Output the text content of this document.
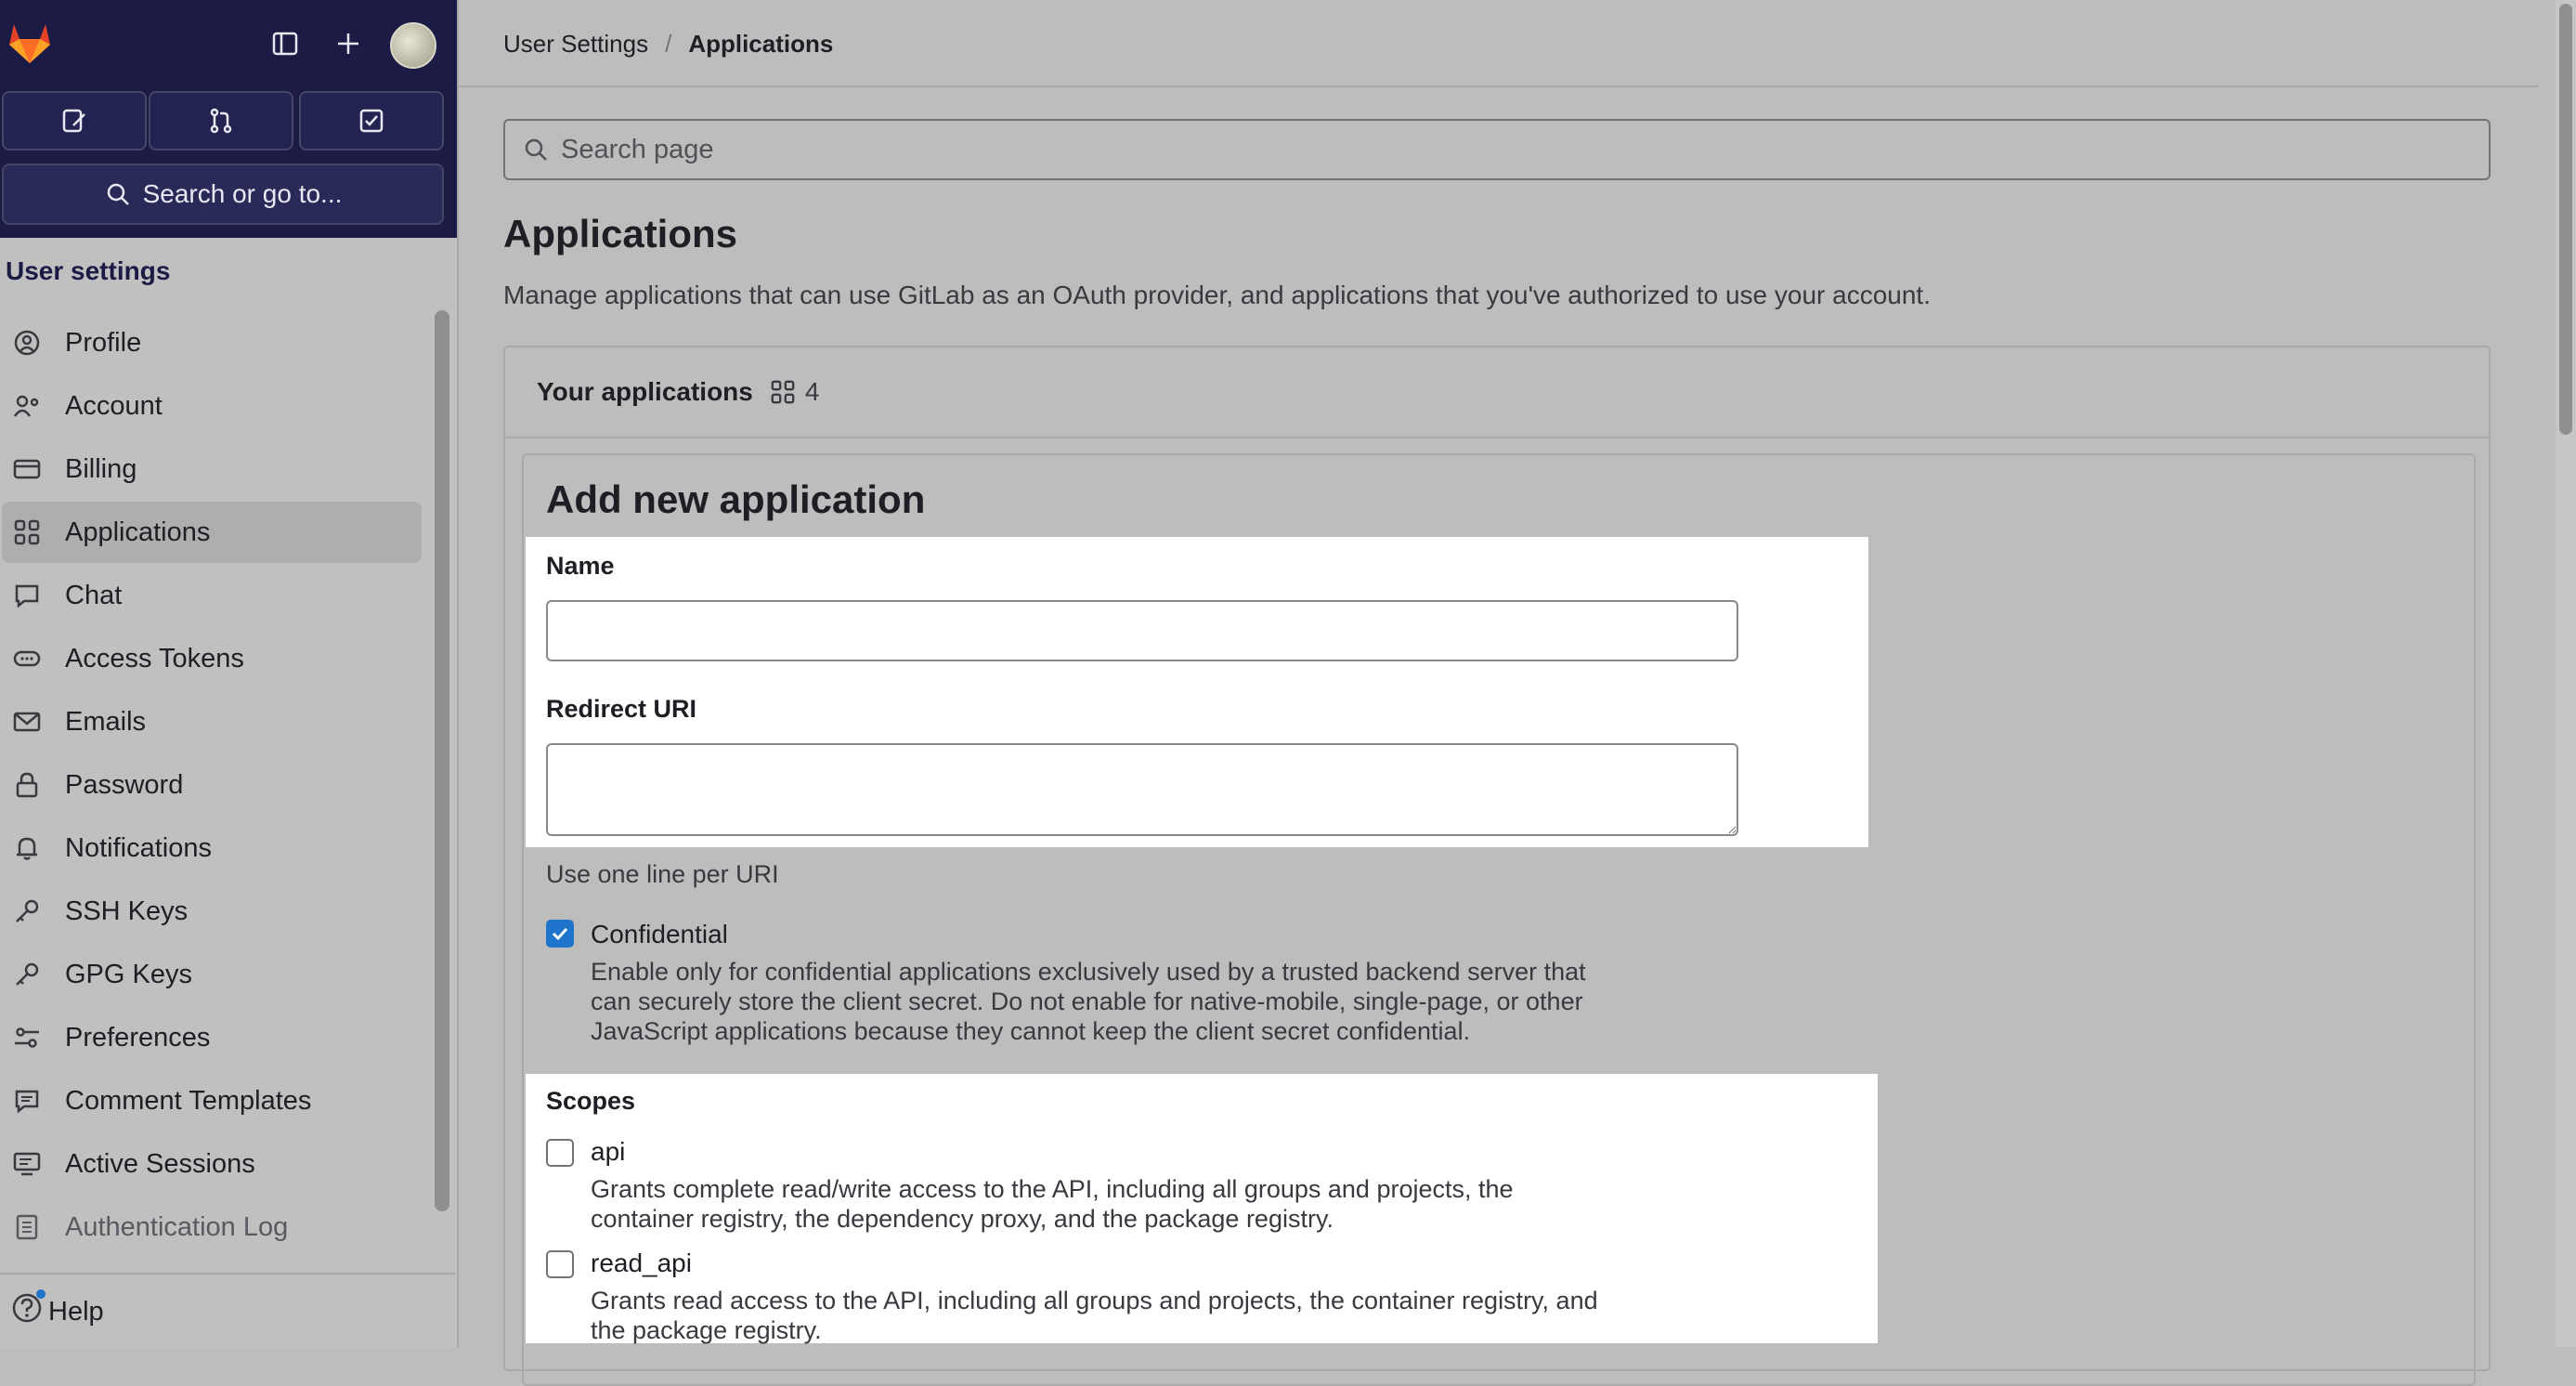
Search or go to...
User settings
Profile
Account
Billing
Applications
Chat
Access Tokens
Emails
Password
Notifications
SSH Keys
GPG Keys
Preferences
Comment Templates
Active Sessions
Authentication Log
Help
User Settings / Applications
Search page
Applications
Manage applications that can use GitLab as an OAuth provider, and applications that you've authorized to use your account.
Your applications 4
Add new application
Name
Redirect URI
Use one line per URI
Confidential
Enable only for confidential applications exclusively used by a trusted backend server that
can securely store the client secret. Do not enable for native-mobile, single-page, or other
JavaScript applications because they cannot keep the client secret confidential.
Scopes
api
Grants complete read/write access to the API, including all groups and projects, the
container registry, the dependency proxy, and the package registry.
read_api
Grants read access to the API, including all groups and projects, the container registry, and
the package registry.
